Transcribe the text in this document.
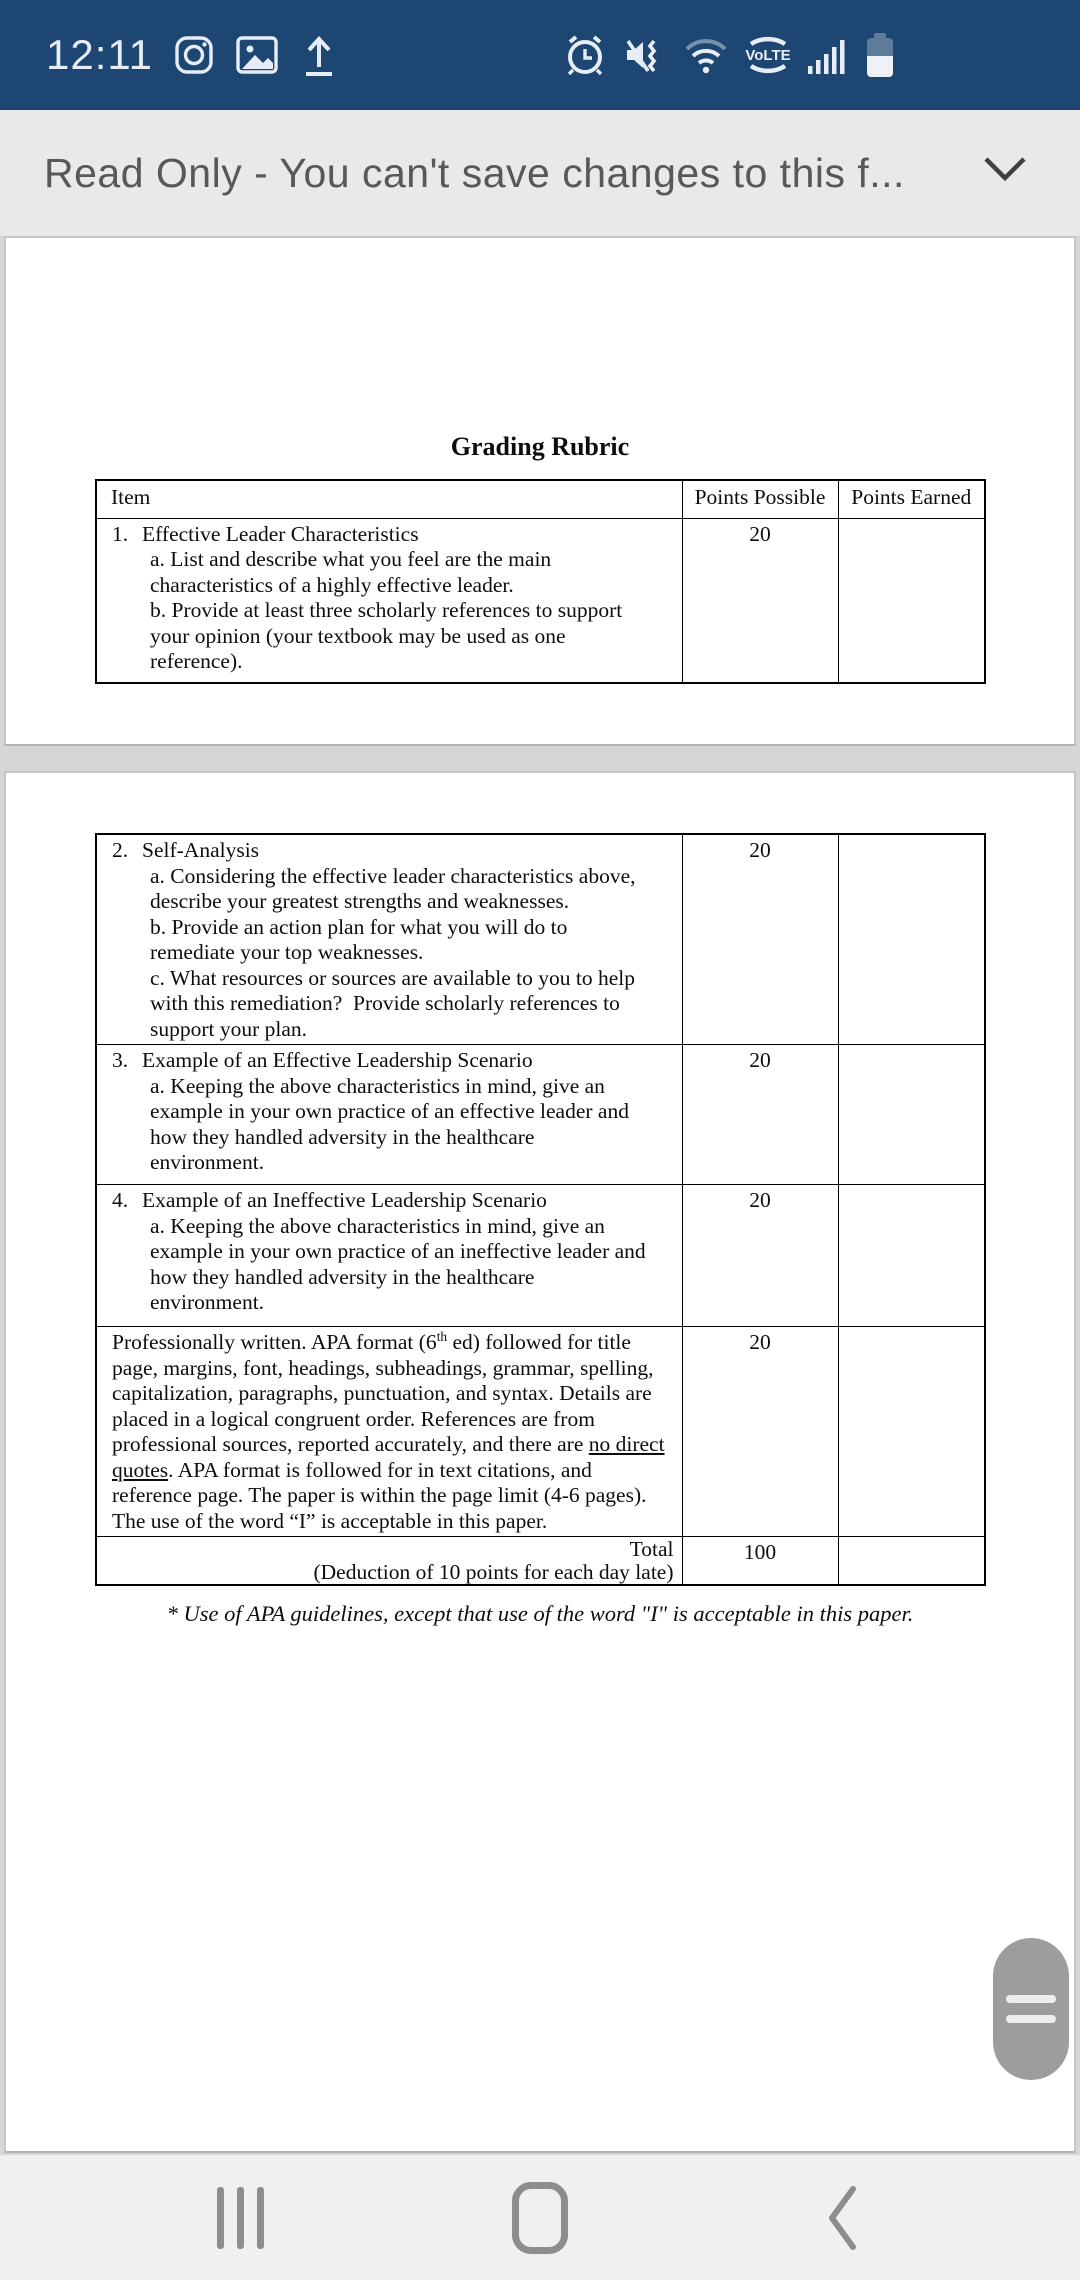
12:11	VoLTE
Read Only - You can't save changes to this f...
Grading Rubric
Item	Points Possible	Points Earned

1. Effective Leader Characteristics
a. List and describe what you feel are the main
characteristics of a highly effective leader.
b. Provide at least three scholarly references to support
your opinion (your textbook may be used as one
reference).
	20	
2. Self-Analysis
a. Considering the effective leader characteristics above,
describe your greatest strengths and weaknesses.
b. Provide an action plan for what you will do to
remediate your top weaknesses.
c. What resources or sources are available to you to help
with this remediation?  Provide scholarly references to
support your plan.
	20	

3. Example of an Effective Leadership Scenario
a. Keeping the above characteristics in mind, give an
example in your own practice of an effective leader and
how they handled adversity in the healthcare
environment.
	20	

4. Example of an Ineffective Leadership Scenario
a. Keeping the above characteristics in mind, give an
example in your own practice of an ineffective leader and
how they handled adversity in the healthcare
environment.
	20	

Professionally written. APA format (6th ed) followed for title
page, margins, font, headings, subheadings, grammar, spelling,
capitalization, paragraphs, punctuation, and syntax. Details are
placed in a logical congruent order. References are from
professional sources, reported accurately, and there are no direct
quotes. APA format is followed for in text citations, and
reference page. The paper is within the page limit (4-6 pages).
The use of the word “I” is acceptable in this paper.
	20	

Total
(Deduction of 10 points for each day late)	100	
* Use of APA guidelines, except that use of the word "I" is acceptable in this paper.
